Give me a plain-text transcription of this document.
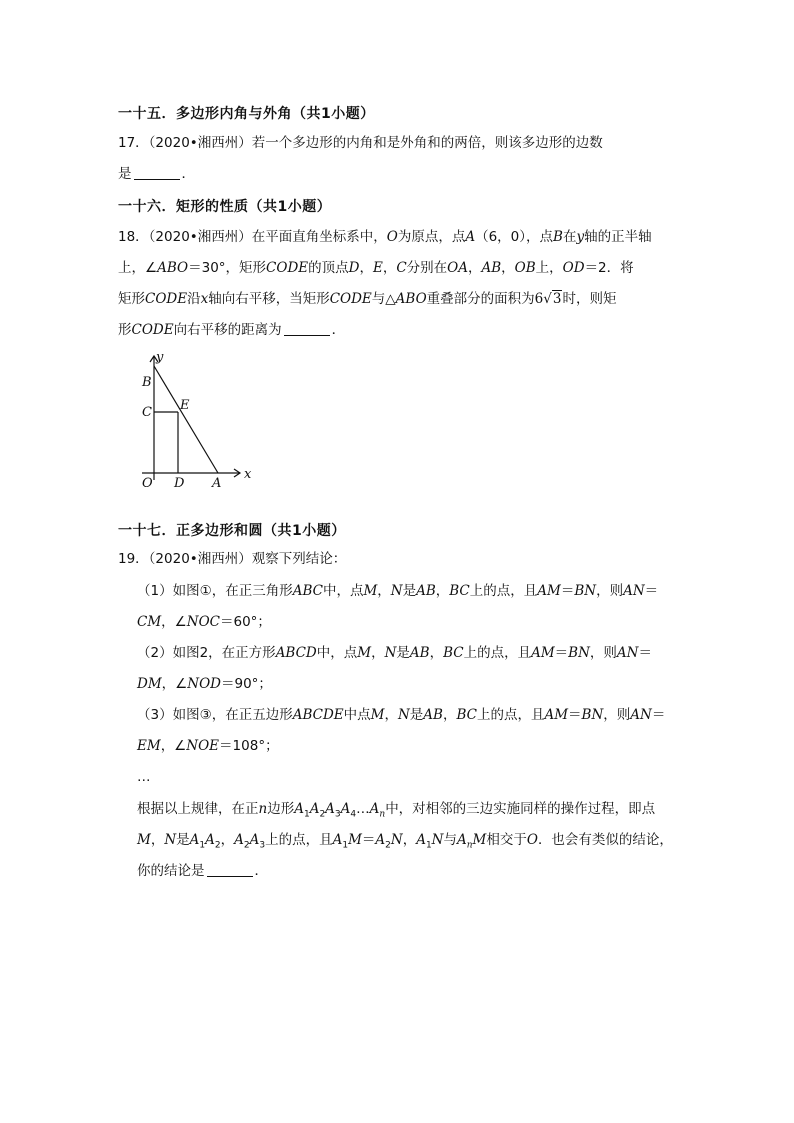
一十五．多边形内角与外角（共1小题）
17．（2020•湘西州）若一个多边形的内角和是外角和的两倍，则该多边形的边数
是	．
一十六．矩形的性质（共1小题）
18．（2020•湘西州）在平面直角坐标系中，O为原点，点A（6，0），点B在y轴的正半轴
上，∠ABO＝30°，矩形CODE的顶点D，E，C分别在OA，AB，OB上，OD＝2．将
矩形CODE沿x轴向右平移，当矩形CODE与△ABO重叠部分的面积为6√3时，则矩
形CODE向右平移的距离为	．
y
x
B
C E
O D A
一十七．正多边形和圆（共1小题）
19．（2020•湘西州）观察下列结论：
（1）如图①，在正三角形ABC中，点M，N是AB，BC上的点，且AM＝BN，则AN＝
CM，∠NOC＝60°；
（2）如图2，在正方形ABCD中，点M，N是AB，BC上的点，且AM＝BN，则AN＝
DM，∠NOD＝90°；
（3）如图③，在正五边形ABCDE中点M，N是AB，BC上的点，且AM＝BN，则AN＝
EM，∠NOE＝108°；
…
根据以上规律，在正n边形$A_1A_2A_3A_4\dots A_n$中，对相邻的三边实施同样的操作过程，即点
M，N是$A_1A_2$，$A_2A_3$上的点，且$A_1M=A_2N$，$A_1N$与$A_nM$相交于O．也会有类似的结论，
你的结论是	．
